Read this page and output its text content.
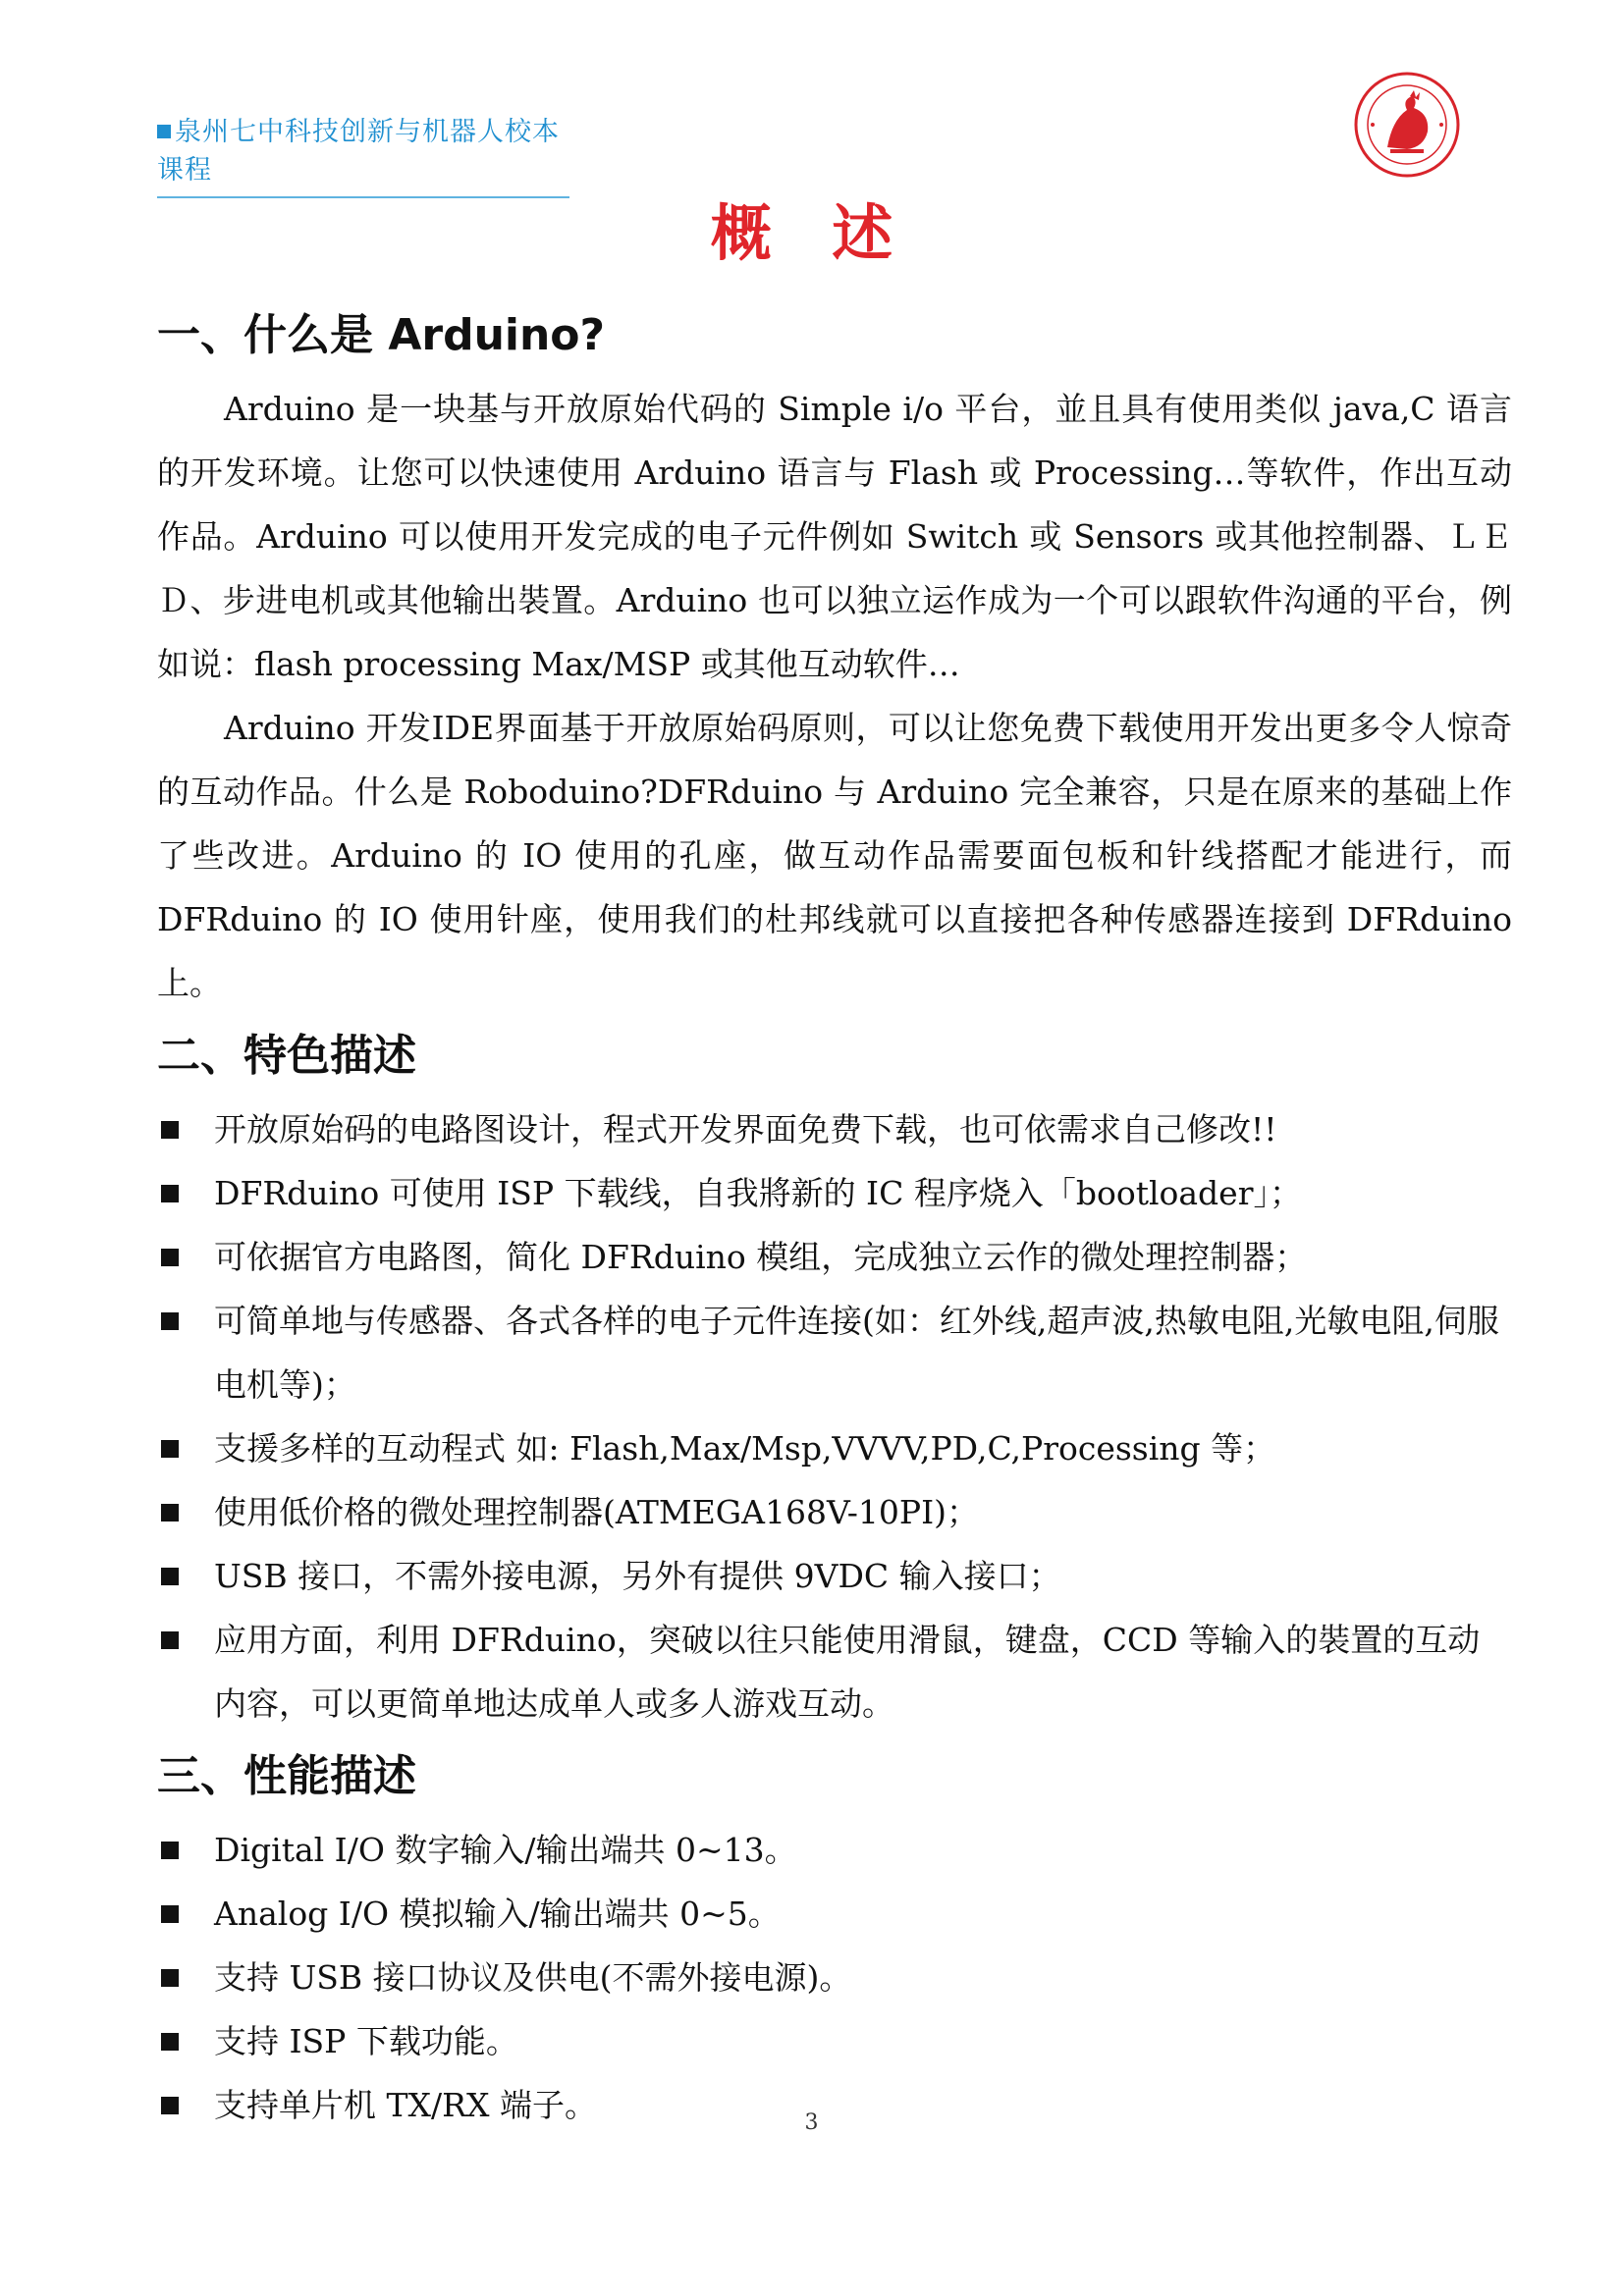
泉州七中科技创新与机器人校本课程
概 述
一、什么是 Arduino?

Arduino 是一块基与开放原始代码的 Simple i/o 平台，並且具有使用类似 java,C 语言的开发环境。让您可以快速使用 Arduino 语言与 Flash 或 Processing…等软件，作出互动作品。Arduino 可以使用开发完成的电子元件例如 Switch 或 Sensors 或其他控制器、ＬＥＤ、步进电机或其他输出裝置。Arduino 也可以独立运作成为一个可以跟软件沟通的平台，例如说：flash processing Max/MSP 或其他互动软件…

Arduino 开发IDE界面基于开放原始码原则，可以让您免费下载使用开发出更多令人惊奇的互动作品。什么是 Roboduino?DFRduino 与 Arduino 完全兼容，只是在原来的基础上作了些改进。Arduino 的 IO 使用的孔座，做互动作品需要面包板和针线搭配才能进行，而 DFRduino 的 IO 使用针座，使用我们的杜邦线就可以直接把各种传感器连接到 DFRduino 上。

二、特色描述
开放原始码的电路图设计，程式开发界面免费下载，也可依需求自己修改!!
DFRduino 可使用 ISP 下载线，自我將新的 IC 程序烧入「bootloader」；
可依据官方电路图，简化 DFRduino 模组，完成独立云作的微处理控制器；
可简单地与传感器、各式各样的电子元件连接(如：红外线,超声波,热敏电阻,光敏电阻,伺服电机等)；
支援多样的互动程式 如: Flash,Max/Msp,VVVV,PD,C,Processing 等；
使用低价格的微处理控制器(ATMEGA168V-10PI)；
USB 接口，不需外接电源，另外有提供 9VDC 输入接口；
应用方面，利用 DFRduino，突破以往只能使用滑鼠，键盘，CCD 等输入的裝置的互动内容，可以更简单地达成单人或多人游戏互动。
三、性能描述
Digital I/O 数字输入/输出端共 0~13。
Analog I/O 模拟输入/输出端共 0~5。
支持 USB 接口协议及供电(不需外接电源)。
支持 ISP 下载功能。
支持单片机 TX/RX 端子。	3
